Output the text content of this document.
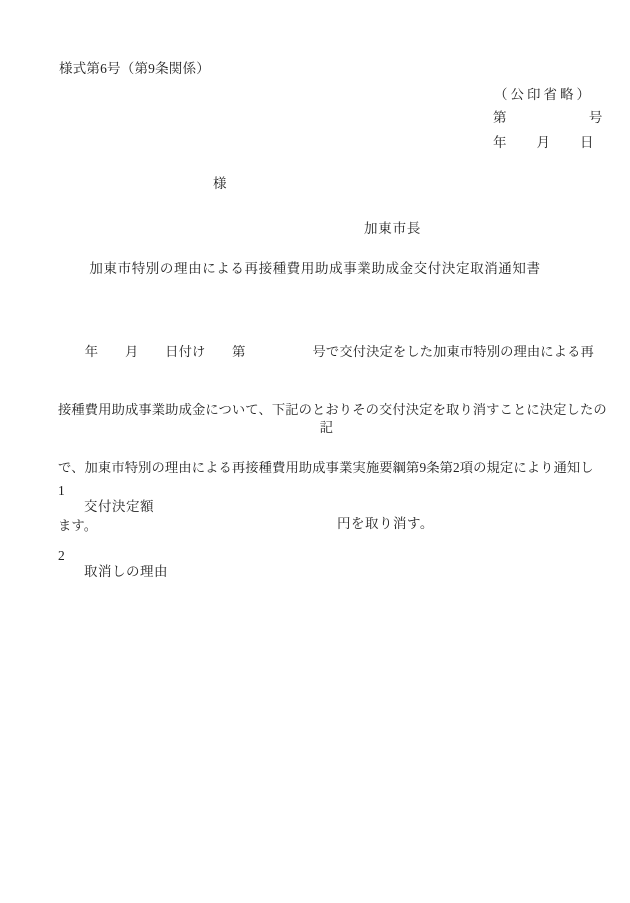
様式第6号（第9条関係）
（公印省略）
第　　　　　　号
年　　月　　日
様
加東市長
加東市特別の理由による再接種費用助成事業助成金交付決定取消通知書

　　年　　月　　日付け　　第　　　　　号で交付決定をした加東市特別の理由による再

接種費用助成事業助成金について、下記のとおりその交付決定を取り消すことに決定したの

で、加東市特別の理由による再接種費用助成事業実施要綱第9条第2項の規定により通知し

ます。

記

1

交付決定額

円を取り消す。

2

取消しの理由
